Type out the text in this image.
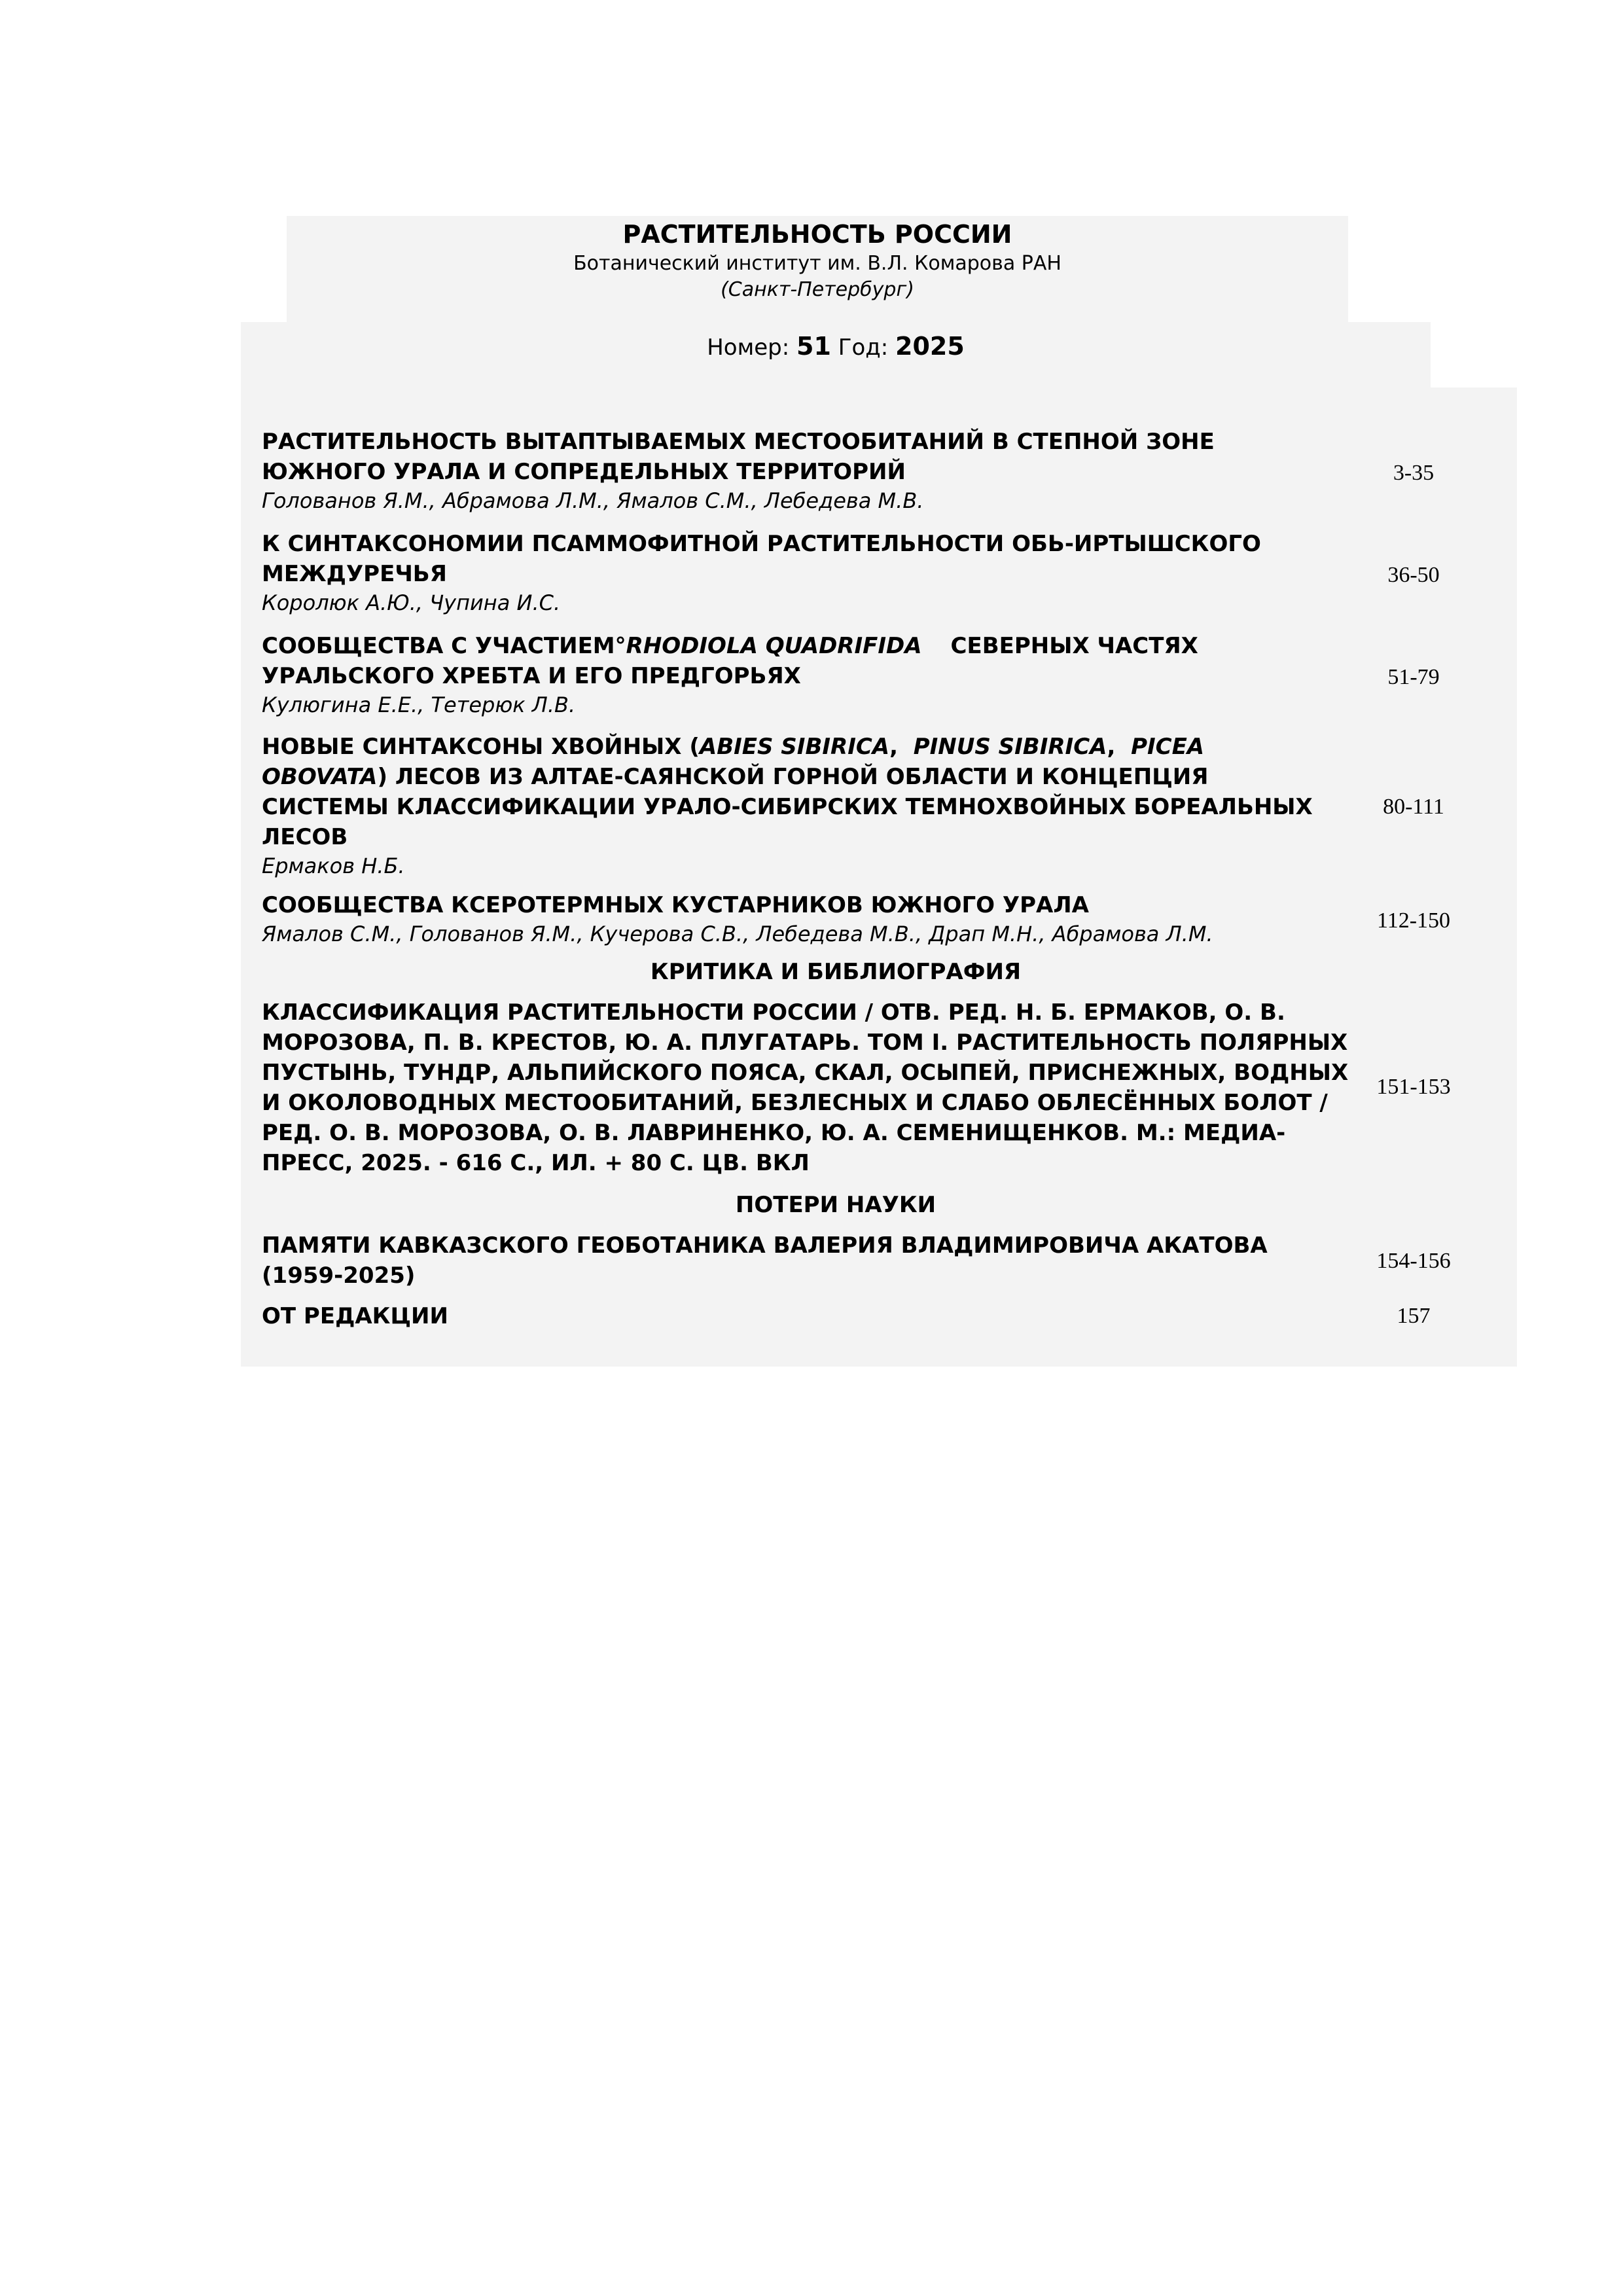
РАСТИТЕЛЬНОСТЬ РОССИИ
Ботанический институт им. В.Л. Комарова РАН
(Санкт-Петербург)
Номер: 51 Год: 2025
РАСТИТЕЛЬНОСТЬ ВЫТАПТЫВАЕМЫХ МЕСТООБИТАНИЙ В СТЕПНОЙ ЗОНЕ
ЮЖНОГО УРАЛА И СОПРЕДЕЛЬНЫХ ТЕРРИТОРИЙ
Голованов Я.М., Абрамова Л.М., Ямалов С.М., Лебедева М.В.
3-35
К СИНТАКСОНОМИИ ПСАММОФИТНОЙ РАСТИТЕЛЬНОСТИ ОБЬ-ИРТЫШСКОГО
МЕЖДУРЕЧЬЯ
Королюк А.Ю., Чупина И.С.
36-50
СООБЩЕСТВА С УЧАСТИЕМ°RHODIOLA QUADRIFIDA СЕВЕРНЫХ ЧАСТЯХ
УРАЛЬСКОГО ХРЕБТА И ЕГО ПРЕДГОРЬЯХ
Кулюгина Е.Е., Тетерюк Л.В.
51-79
НОВЫЕ СИНТАКСОНЫ ХВОЙНЫХ (ABIES SIBIRICA,  PINUS SIBIRICA,  PICEA
OBOVATA) ЛЕСОВ ИЗ АЛТАЕ-САЯНСКОЙ ГОРНОЙ ОБЛАСТИ И КОНЦЕПЦИЯ
СИСТЕМЫ КЛАССИФИКАЦИИ УРАЛО-СИБИРСКИХ ТЕМНОХВОЙНЫХ БОРЕАЛЬНЫХ
ЛЕСОВ
Ермаков Н.Б.
80-111
СООБЩЕСТВА КСЕРОТЕРМНЫХ КУСТАРНИКОВ ЮЖНОГО УРАЛА
Ямалов С.М., Голованов Я.М., Кучерова С.В., Лебедева М.В., Драп М.Н., Абрамова Л.М.
112-150
КРИТИКА И БИБЛИОГРАФИЯ
КЛАССИФИКАЦИЯ РАСТИТЕЛЬНОСТИ РОССИИ / ОТВ. РЕД. Н. Б. ЕРМАКОВ, О. В.
МОРОЗОВА, П. В. КРЕСТОВ, Ю. А. ПЛУГАТАРЬ. ТОМ I. РАСТИТЕЛЬНОСТЬ ПОЛЯРНЫХ
ПУСТЫНЬ, ТУНДР, АЛЬПИЙСКОГО ПОЯСА, СКАЛ, ОСЫПЕЙ, ПРИСНЕЖНЫХ, ВОДНЫХ
И ОКОЛОВОДНЫХ МЕСТООБИТАНИЙ, БЕЗЛЕСНЫХ И СЛАБО ОБЛЕСЁННЫХ БОЛОТ /
РЕД. О. В. МОРОЗОВА, О. В. ЛАВРИНЕНКО, Ю. А. СЕМЕНИЩЕНКОВ. М.: МЕДИА-
ПРЕСС, 2025. - 616 С., ИЛ. + 80 С. ЦВ. ВКЛ
151-153
ПОТЕРИ НАУКИ
ПАМЯТИ КАВКАЗСКОГО ГЕОБОТАНИКА ВАЛЕРИЯ ВЛАДИМИРОВИЧА АКАТОВА
(1959-2025)
154-156
ОТ РЕДАКЦИИ	157
